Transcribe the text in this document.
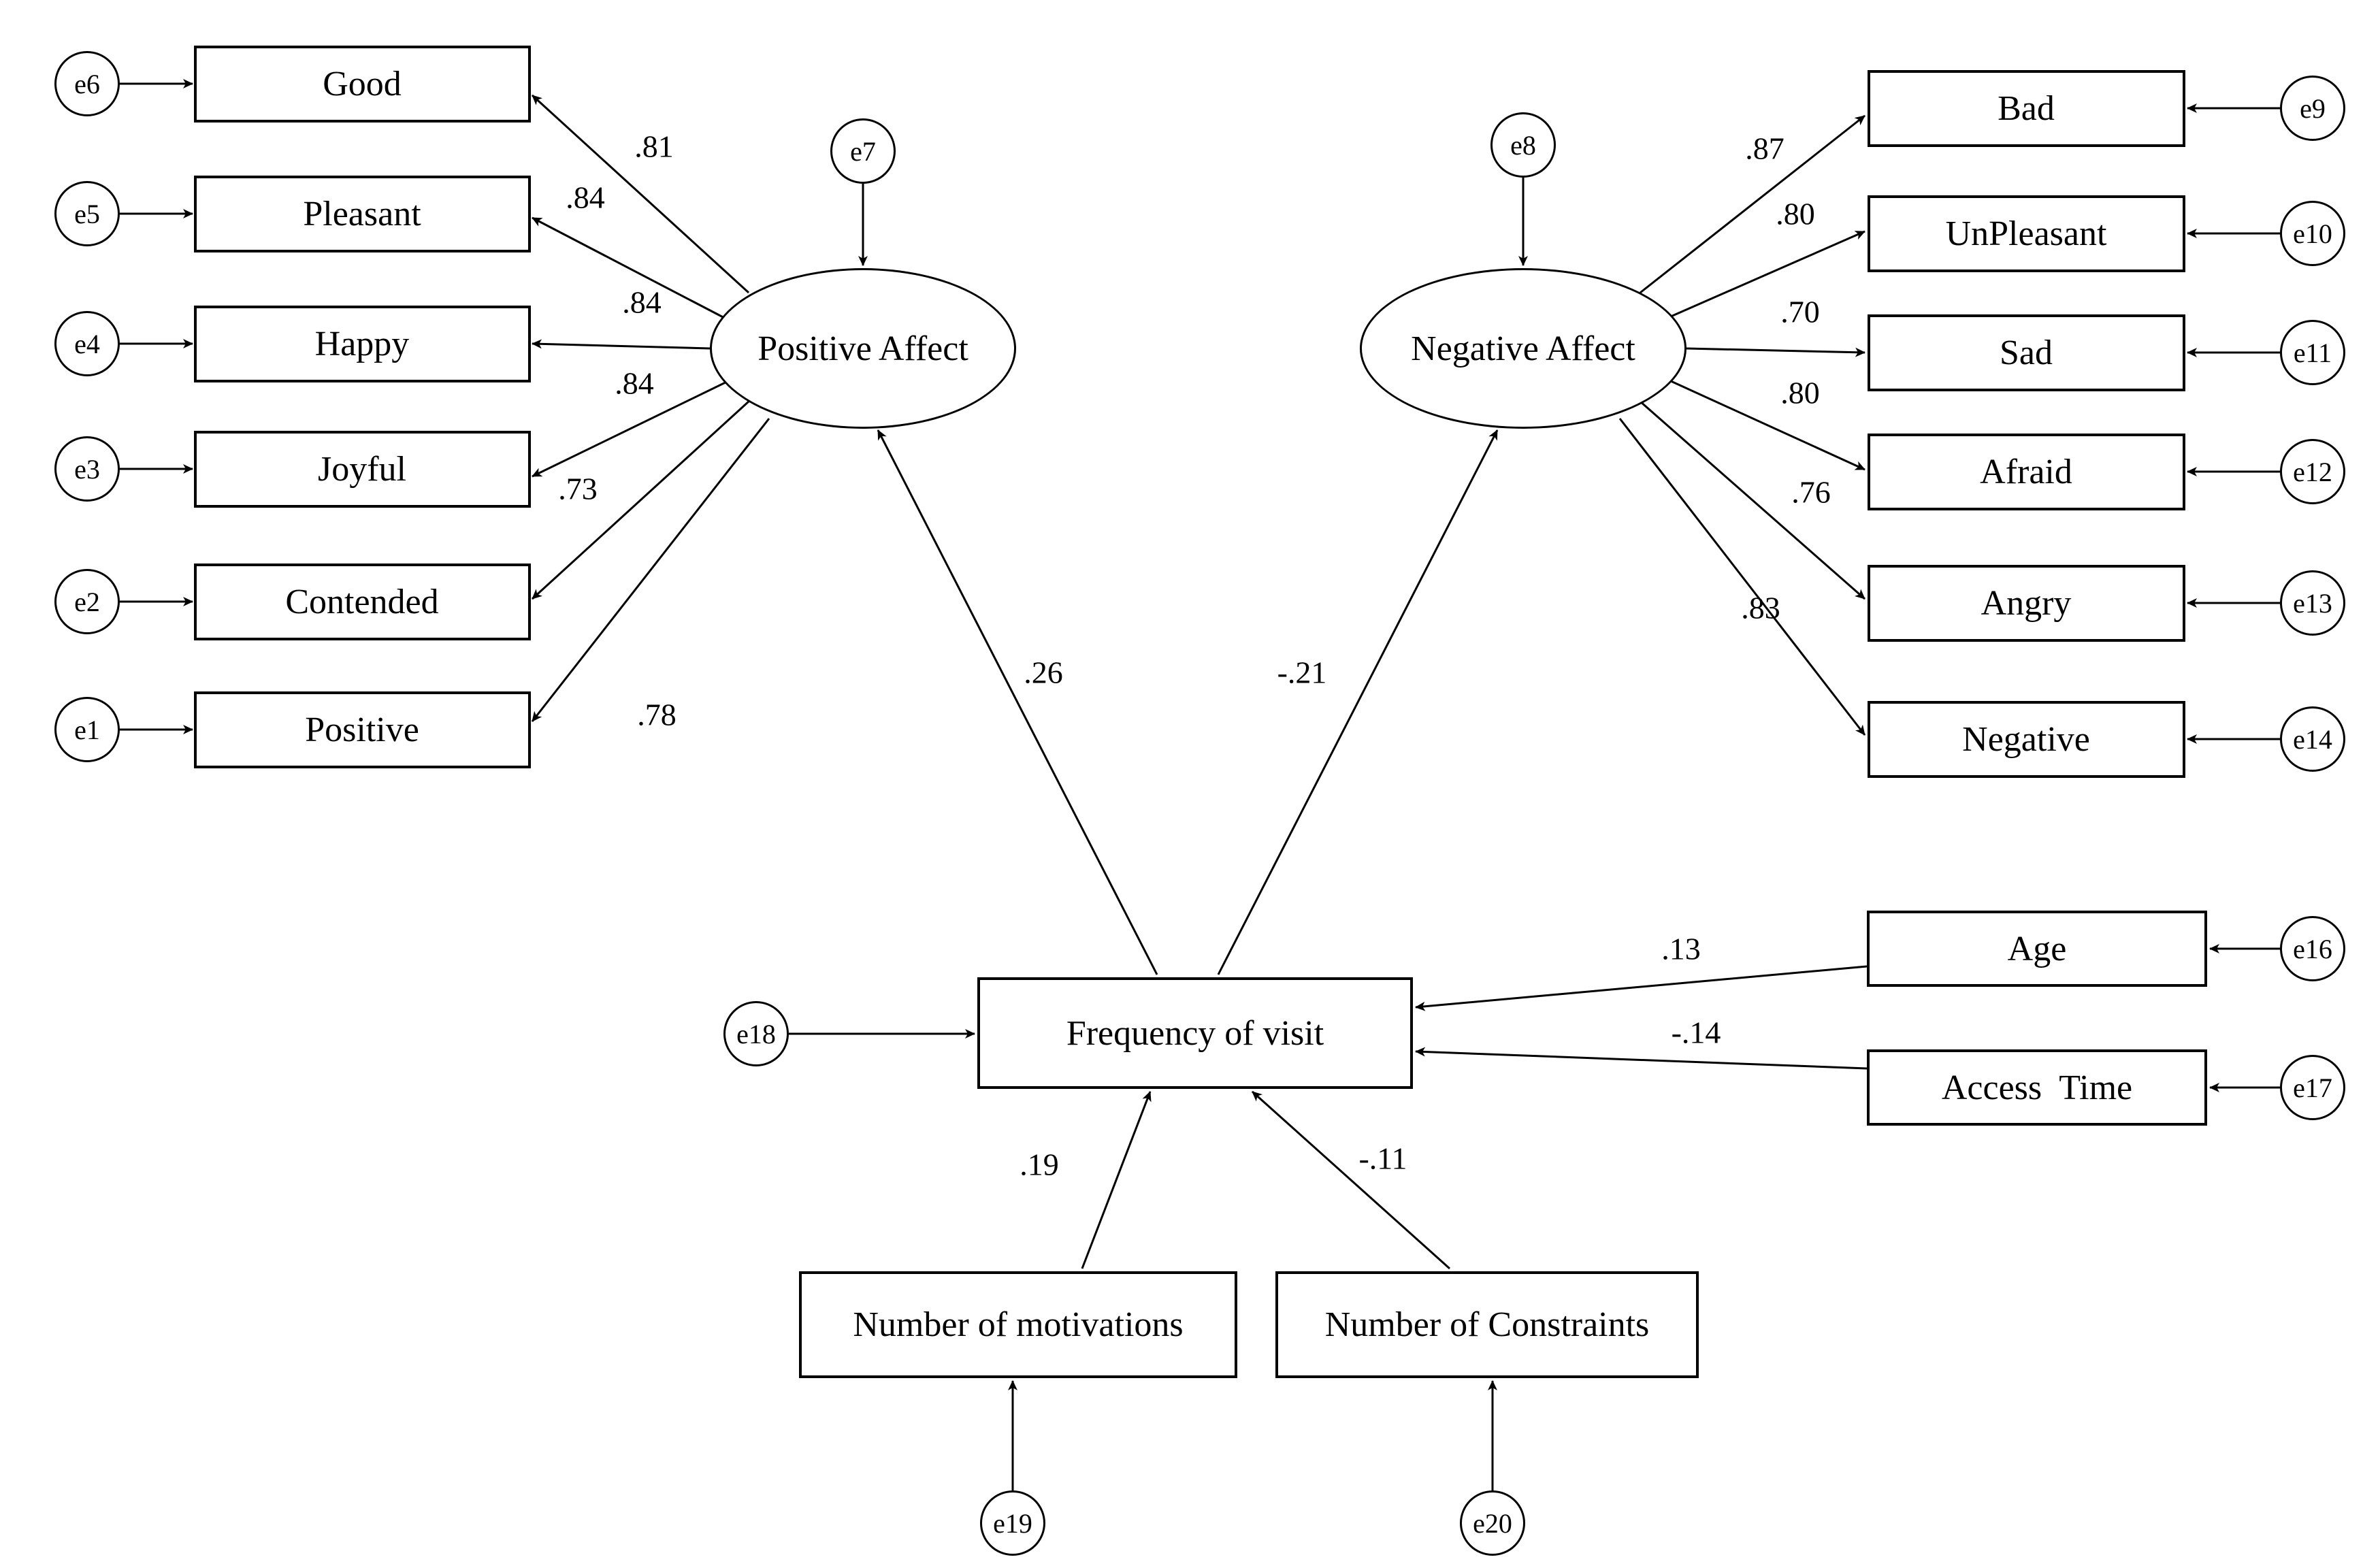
.81
.84
.84
.84
.73
.78
.87
.80
.70
.80
.76
.83
.26	-.21
.13
-.14
.19	-.11
Good
Pleasant
Happy
Joyful
Contended
Positive
e6
e5
e4
e3
e2
e1
Positive Affect
e7
Negative Affect
e8
Bad
UnPleasant
Sad
Afraid
Angry
Negative
e9
e10
e11
e12
e13
e14
Frequency of visit
e18
Age
Access  Time
e16
e17
Number of motivations	Number of Constraints
e19	e20
